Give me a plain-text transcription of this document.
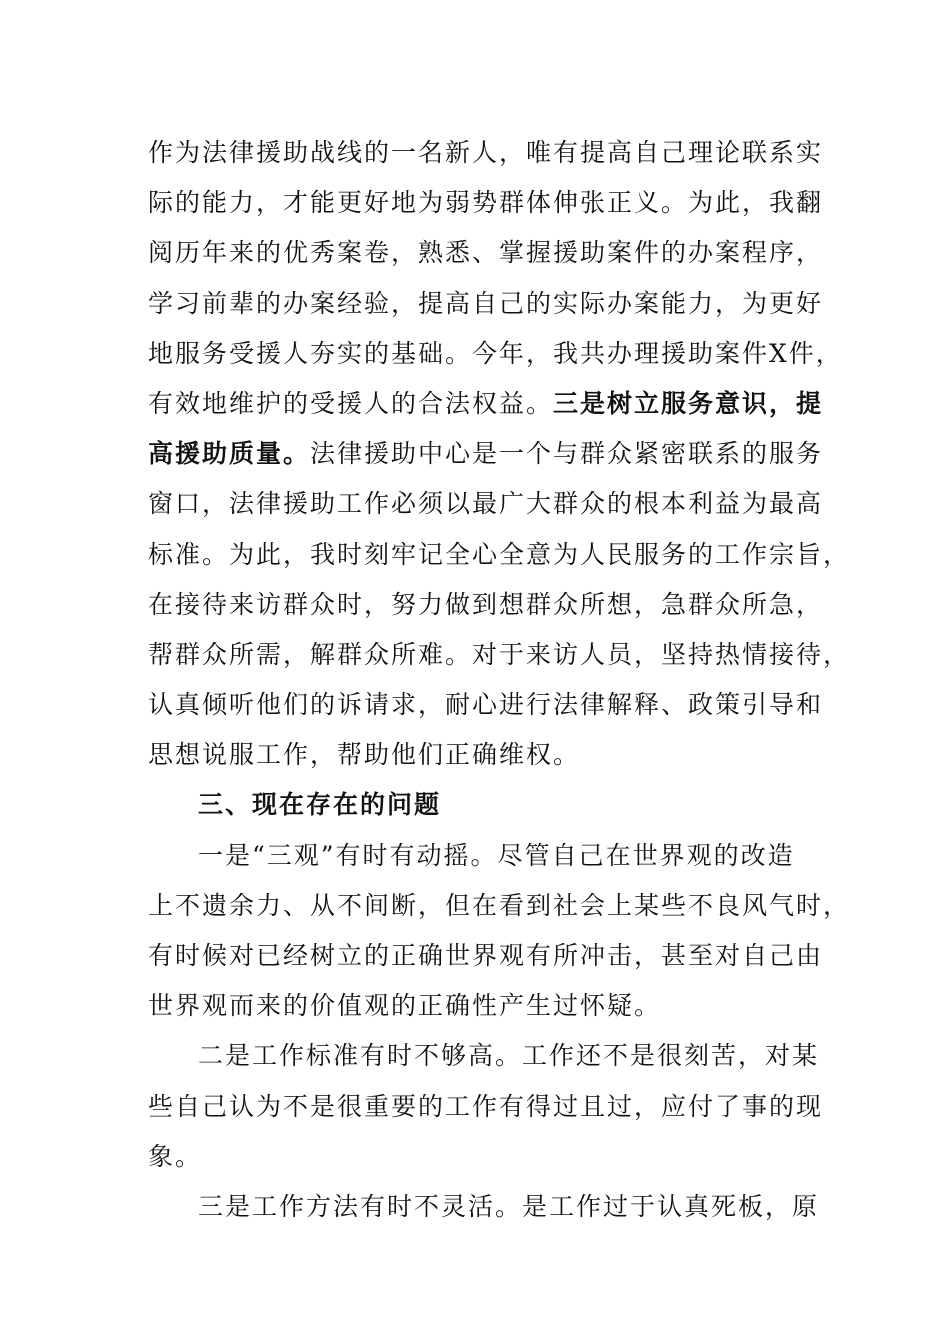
作为法律援助战线的一名新人，唯有提高自己理论联系实
际的能力，才能更好地为弱势群体伸张正义。为此，我翻
阅历年来的优秀案卷，熟悉、掌握援助案件的办案程序，
学习前辈的办案经验，提高自己的实际办案能力，为更好
地服务受援人夯实的基础。今年，我共办理援助案件X件，
有效地维护的受援人的合法权益。三是树立服务意识，提
高援助质量。法律援助中心是一个与群众紧密联系的服务
窗口，法律援助工作必须以最广大群众的根本利益为最高
标准。为此，我时刻牢记全心全意为人民服务的工作宗旨，
在接待来访群众时，努力做到想群众所想，急群众所急，
帮群众所需，解群众所难。对于来访人员，坚持热情接待，
认真倾听他们的诉请求，耐心进行法律解释、政策引导和
思想说服工作，帮助他们正确维权。
三、现在存在的问题
一是“三观”有时有动摇。尽管自己在世界观的改造
上不遗余力、从不间断，但在看到社会上某些不良风气时，
有时候对已经树立的正确世界观有所冲击，甚至对自己由
世界观而来的价值观的正确性产生过怀疑。
二是工作标准有时不够高。工作还不是很刻苦，对某
些自己认为不是很重要的工作有得过且过，应付了事的现
象。
三是工作方法有时不灵活。是工作过于认真死板，原
